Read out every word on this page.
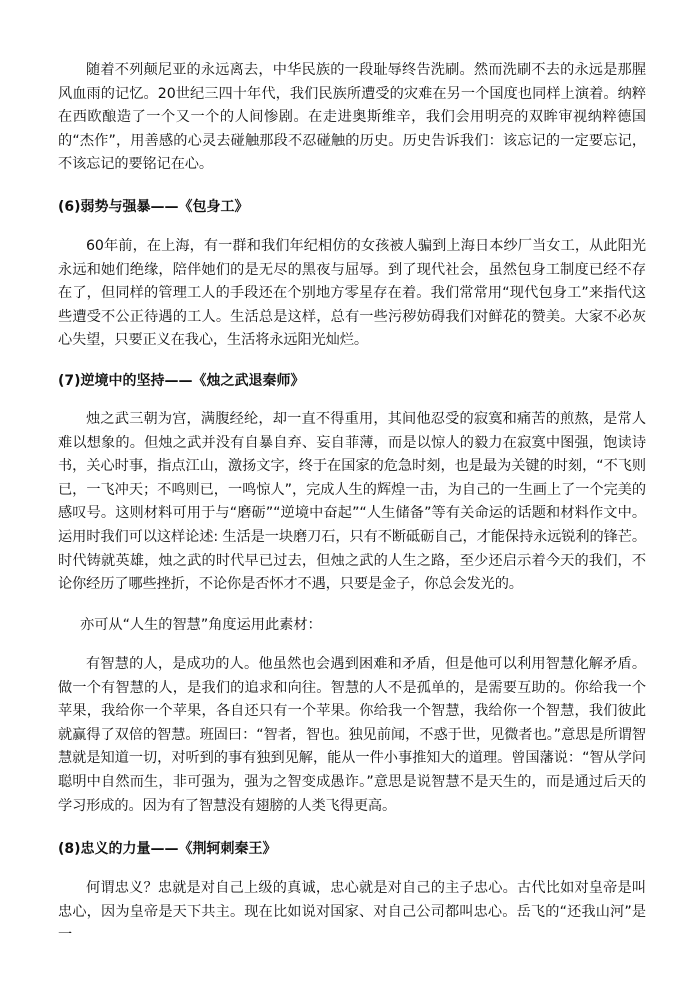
随着不列颠尼亚的永远离去，中华民族的一段耻辱终告洗刷。然而洗刷不去的永远是那腥风血雨的记忆。20世纪三四十年代，我们民族所遭受的灾难在另一个国度也同样上演着。纳粹在西欧酿造了一个又一个的人间惨剧。在走进奥斯维辛，我们会用明亮的双眸审视纳粹德国的“杰作”，用善感的心灵去碰触那段不忍碰触的历史。历史告诉我们：该忘记的一定要忘记，不该忘记的要铭记在心。

(6)弱势与强暴——《包身工》

60年前，在上海，有一群和我们年纪相仿的女孩被人骗到上海日本纱厂当女工，从此阳光永远和她们绝缘，陪伴她们的是无尽的黑夜与屈辱。到了现代社会，虽然包身工制度已经不存在了，但同样的管理工人的手段还在个别地方零星存在着。我们常常用“现代包身工”来指代这些遭受不公正待遇的工人。生活总是这样，总有一些污秽妨碍我们对鲜花的赞美。大家不必灰心失望，只要正义在我心，生活将永远阳光灿烂。

(7)逆境中的坚持——《烛之武退秦师》

烛之武三朝为宫，满腹经纶，却一直不得重用，其间他忍受的寂寞和痛苦的煎熬，是常人难以想象的。但烛之武并没有自暴自弃、妄自菲薄，而是以惊人的毅力在寂寞中图强，饱读诗书，关心时事，指点江山，激扬文字，终于在国家的危急时刻，也是最为关键的时刻，“不飞则已，一飞冲天；不鸣则已，一鸣惊人”，完成人生的辉煌一击，为自己的一生画上了一个完美的感叹号。这则材料可用于与“磨砺”“逆境中奋起”“人生储备”等有关命运的话题和材料作文中。运用时我们可以这样论述: 生活是一块磨刀石，只有不断砥砺自己，才能保持永远锐利的锋芒。时代铸就英雄，烛之武的时代早已过去，但烛之武的人生之路，至少还启示着今天的我们，不论你经历了哪些挫折，不论你是否怀才不遇，只要是金子，你总会发光的。

亦可从“人生的智慧”角度运用此素材：

有智慧的人，是成功的人。他虽然也会遇到困难和矛盾，但是他可以利用智慧化解矛盾。做一个有智慧的人，是我们的追求和向往。智慧的人不是孤单的，是需要互助的。你给我一个苹果，我给你一个苹果，各自还只有一个苹果。你给我一个智慧，我给你一个智慧，我们彼此就赢得了双倍的智慧。班固曰：“智者，智也。独见前闻，不惑于世，见微者也。”意思是所谓智慧就是知道一切，对听到的事有独到见解，能从一件小事推知大的道理。曾国藩说：“智从学问聪明中自然而生，非可强为，强为之智变成愚诈。”意思是说智慧不是天生的，而是通过后天的学习形成的。因为有了智慧没有翅膀的人类飞得更高。

(8)忠义的力量——《荆轲刺秦王》

何谓忠义？忠就是对自己上级的真诚，忠心就是对自己的主子忠心。古代比如对皇帝是叫忠心，因为皇帝是天下共主。现在比如说对国家、对自己公司都叫忠心。岳飞的“还我山河”是一
